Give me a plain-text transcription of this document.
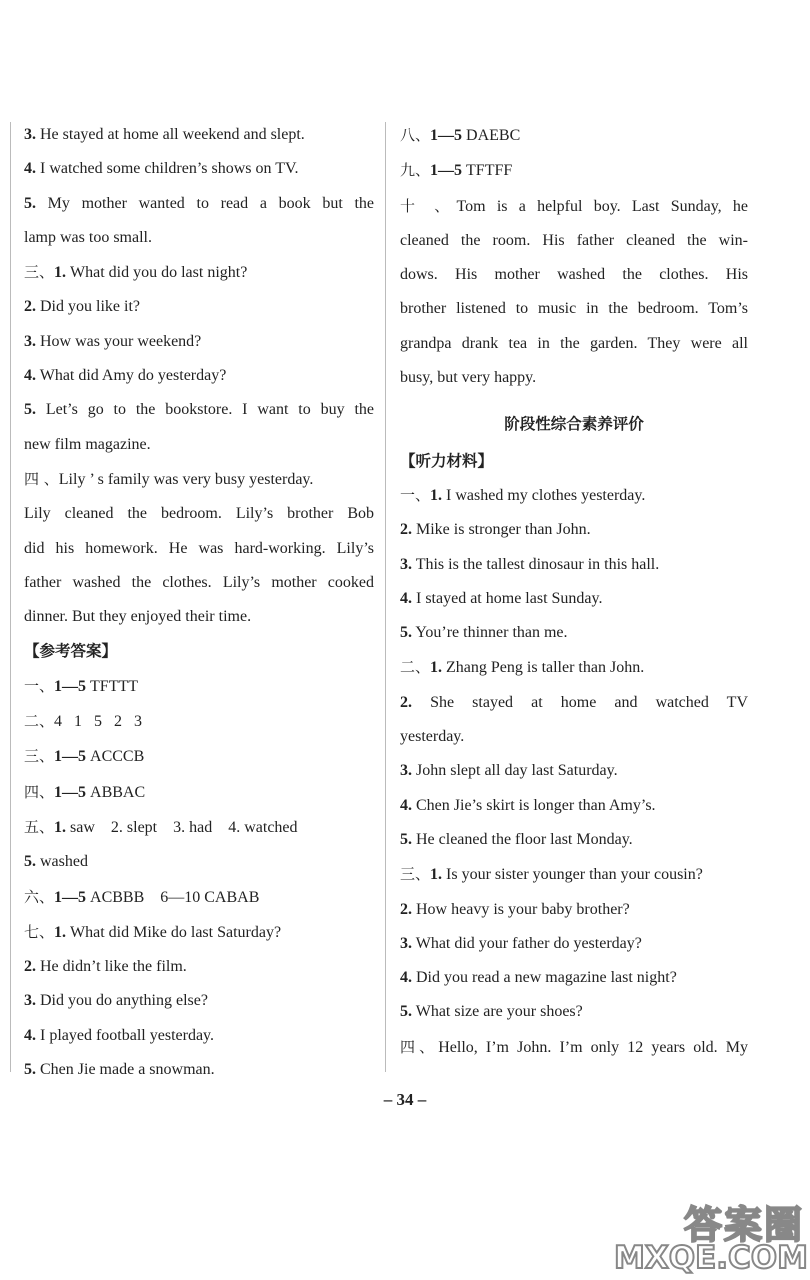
3. He stayed at home all weekend and slept.
4. I watched some children’s shows on TV.
5. My mother wanted to read a book but the
lamp was too small.
三、1. What did you do last night?
2. Did you like it?
3. How was your weekend?
4. What did Amy do yesterday?
5. Let’s go to the bookstore. I want to buy the
new film magazine.
四 、Lily ’ s family was very busy yesterday.
Lily cleaned the bedroom. Lily’s brother Bob
did his homework. He was hard-working. Lily’s
father washed the clothes. Lily’s mother cooked
dinner. But they enjoyed their time.
【参考答案】
一、1—5 TFTTT
二、4   1   5   2   3
三、1—5 ACCCB
四、1—5 ABBAC
五、1. saw    2. slept    3. had    4. watched
5. washed
六、1—5 ACBBB    6—10 CABAB
七、1. What did Mike do last Saturday?
2. He didn’t like the film.
3. Did you do anything else?
4. I played football yesterday.
5. Chen Jie made a snowman.
八、1—5 DAEBC
九、1—5 TFTFF
十 、Tom is a helpful boy. Last Sunday, he
cleaned the room. His father cleaned the win-
dows. His mother washed the clothes. His
brother listened to music in the bedroom. Tom’s
grandpa drank tea in the garden. They were all
busy, but very happy.
阶段性综合素养评价
【听力材料】
一、1. I washed my clothes yesterday.
2. Mike is stronger than John.
3. This is the tallest dinosaur in this hall.
4. I stayed at home last Sunday.
5. You’re thinner than me.
二、1. Zhang Peng is taller than John.
2. She stayed at home and watched TV
yesterday.
3. John slept all day last Saturday.
4. Chen Jie’s skirt is longer than Amy’s.
5. He cleaned the floor last Monday.
三、1. Is your sister younger than your cousin?
2. How heavy is your baby brother?
3. What did your father do yesterday?
4. Did you read a new magazine last night?
5. What size are your shoes?
四、Hello, I’m John. I’m only 12 years old. My
– 34 –
答案圈
MXQE.COM
